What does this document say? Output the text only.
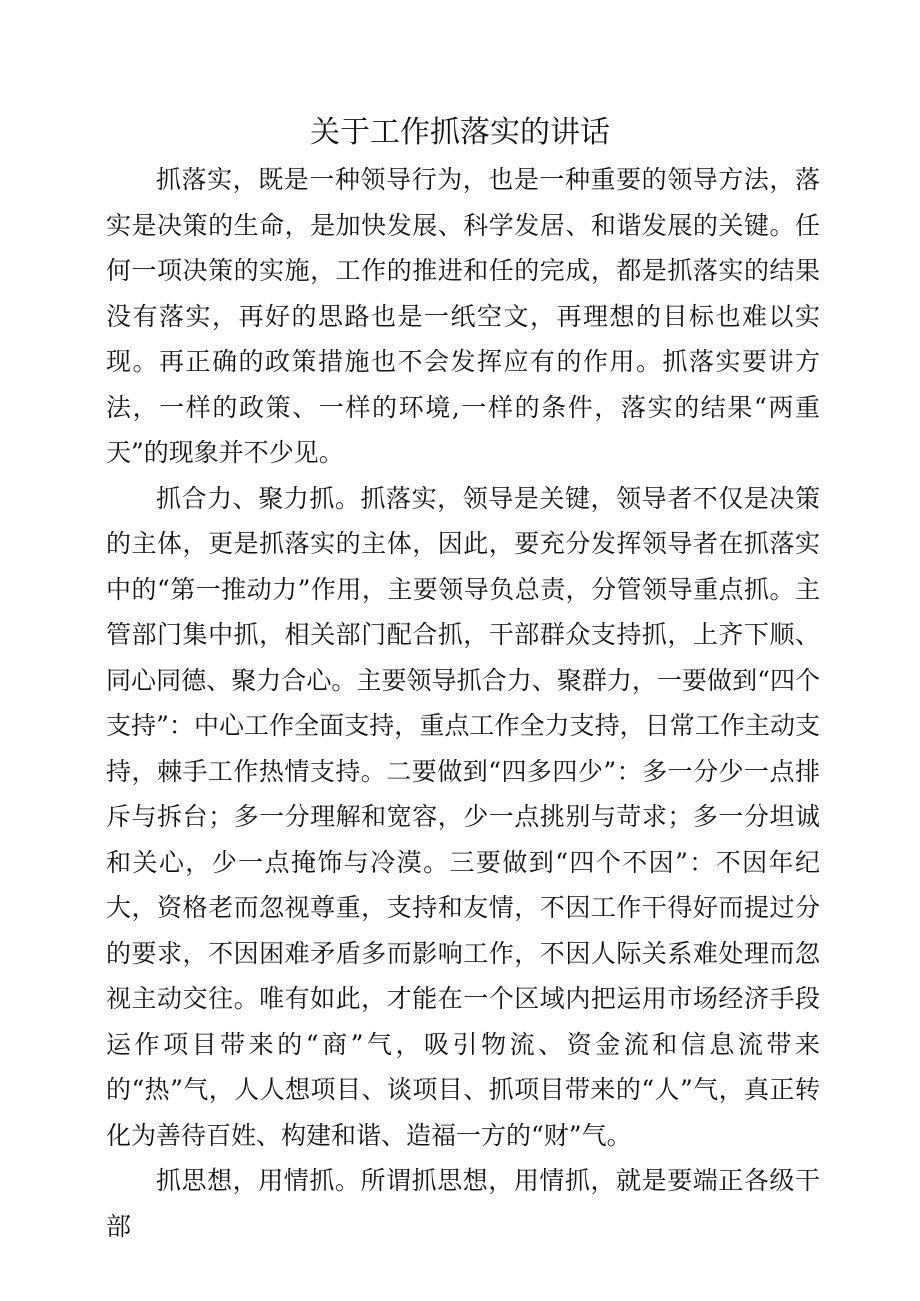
关于工作抓落实的讲话

抓落实，既是一种领导行为，也是一种重要的领导方法，落实是决策的生命，是加快发展、科学发居、和谐发展的关键。任何一项决策的实施，工作的推进和任的完成，都是抓落实的结果没有落实，再好的思路也是一纸空文，再理想的目标也难以实现。再正确的政策措施也不会发挥应有的作用。抓落实要讲方法，一样的政策、一样的环境,一样的条件，落实的结果“两重天”的现象并不少见。

抓合力、聚力抓。抓落实，领导是关键，领导者不仅是决策的主体，更是抓落实的主体，因此，要充分发挥领导者在抓落实中的“第一推动力”作用，主要领导负总责，分管领导重点抓。主管部门集中抓，相关部门配合抓，干部群众支持抓，上齐下顺、同心同德、聚力合心。主要领导抓合力、聚群力，一要做到“四个支持”：中心工作全面支持，重点工作全力支持，日常工作主动支持，棘手工作热情支持。二要做到“四多四少”：多一分少一点排斥与拆台；多一分理解和宽容，少一点挑别与苛求；多一分坦诚和关心，少一点掩饰与冷漠。三要做到“四个不因”：不因年纪大，资格老而忽视尊重，支持和友情，不因工作干得好而提过分的要求，不因困难矛盾多而影响工作，不因人际关系难处理而忽视主动交往。唯有如此，才能在一个区域内把运用市场经济手段运作项目带来的“商”气，吸引物流、资金流和信息流带来的“热”气，人人想项目、谈项目、抓项目带来的“人”气，真正转化为善待百姓、构建和谐、造福一方的“财”气。

抓思想，用情抓。所谓抓思想，用情抓，就是要端正各级干部
